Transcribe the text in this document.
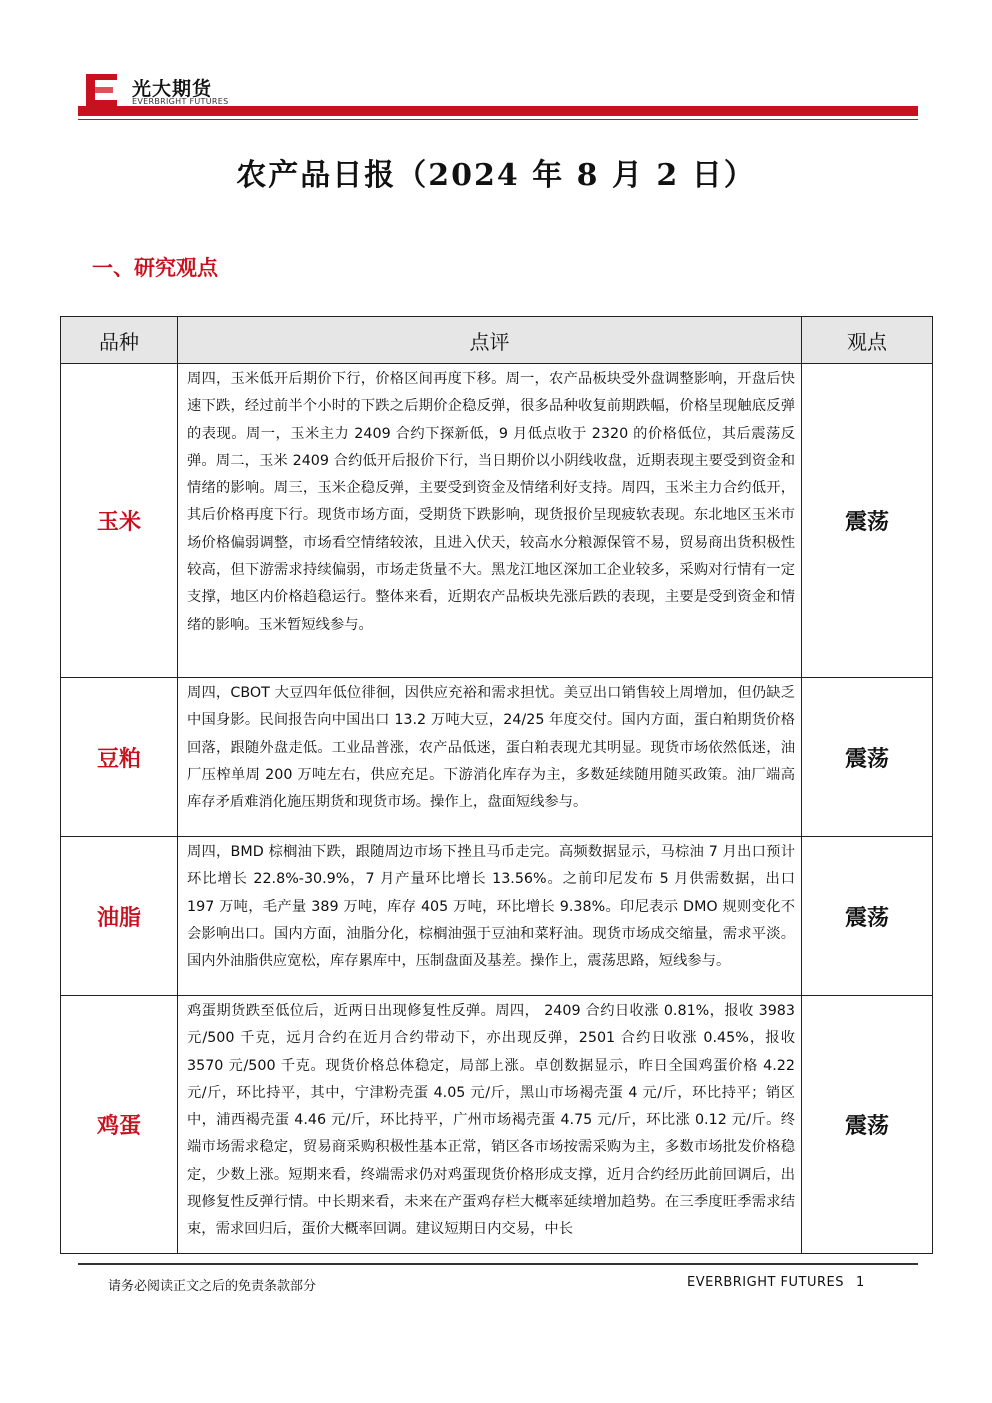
光大期货
EVERBRIGHT FUTURES
农产品日报（2024 年 8 月 2 日）
一、研究观点
品种	点评	观点
玉米	周四，玉米低开后期价下行，价格区间再度下移。周一，农产品板块受外盘调整影响，开盘后快速下跌，经过前半个小时的下跌之后期价企稳反弹，很多品种收复前期跌幅，价格呈现触底反弹的表现。周一，玉米主力 2409 合约下探新低，9 月低点收于 2320 的价格低位，其后震荡反弹。周二，玉米 2409 合约低开后报价下行，当日期价以小阴线收盘，近期表现主要受到资金和情绪的影响。周三，玉米企稳反弹，主要受到资金及情绪利好支持。周四，玉米主力合约低开，其后价格再度下行。现货市场方面，受期货下跌影响，现货报价呈现疲软表现。东北地区玉米市场价格偏弱调整，市场看空情绪较浓，且进入伏天，较高水分粮源保管不易，贸易商出货积极性较高，但下游需求持续偏弱，市场走货量不大。黑龙江地区深加工企业较多，采购对行情有一定支撑，地区内价格趋稳运行。整体来看，近期农产品板块先涨后跌的表现，主要是受到资金和情绪的影响。玉米暂短线参与。	震荡
豆粕	周四，CBOT 大豆四年低位徘徊，因供应充裕和需求担忧。美豆出口销售较上周增加，但仍缺乏中国身影。民间报告向中国出口 13.2 万吨大豆，24/25 年度交付。国内方面，蛋白粕期货价格回落，跟随外盘走低。工业品普涨，农产品低迷，蛋白粕表现尤其明显。现货市场依然低迷，油厂压榨单周 200 万吨左右，供应充足。下游消化库存为主，多数延续随用随买政策。油厂端高库存矛盾难消化施压期货和现货市场。操作上，盘面短线参与。	震荡
油脂	周四，BMD 棕榈油下跌，跟随周边市场下挫且马币走完。高频数据显示，马棕油 7 月出口预计环比增长 22.8%-30.9%，7 月产量环比增长 13.56%。之前印尼发布 5 月供需数据，出口 197 万吨，毛产量 389 万吨，库存 405 万吨，环比增长 9.38%。印尼表示 DMO 规则变化不会影响出口。国内方面，油脂分化，棕榈油强于豆油和菜籽油。现货市场成交缩量，需求平淡。国内外油脂供应宽松，库存累库中，压制盘面及基差。操作上，震荡思路，短线参与。	震荡
鸡蛋	鸡蛋期货跌至低位后，近两日出现修复性反弹。周四， 2409 合约日收涨 0.81%，报收 3983 元/500 千克，远月合约在近月合约带动下，亦出现反弹，2501 合约日收涨 0.45%，报收 3570 元/500 千克。现货价格总体稳定，局部上涨。卓创数据显示，昨日全国鸡蛋价格 4.22 元/斤，环比持平，其中，宁津粉壳蛋 4.05 元/斤，黑山市场褐壳蛋 4 元/斤，环比持平；销区中，浦西褐壳蛋 4.46 元/斤，环比持平，广州市场褐壳蛋 4.75 元/斤，环比涨 0.12 元/斤。终端市场需求稳定，贸易商采购积极性基本正常，销区各市场按需采购为主，多数市场批发价格稳定，少数上涨。短期来看，终端需求仍对鸡蛋现货价格形成支撑，近月合约经历此前回调后，出现修复性反弹行情。中长期来看，未来在产蛋鸡存栏大概率延续增加趋势。在三季度旺季需求结束，需求回归后，蛋价大概率回调。建议短期日内交易，中长	震荡
请务必阅读正文之后的免责条款部分	EVERBRIGHT FUTURES 1
